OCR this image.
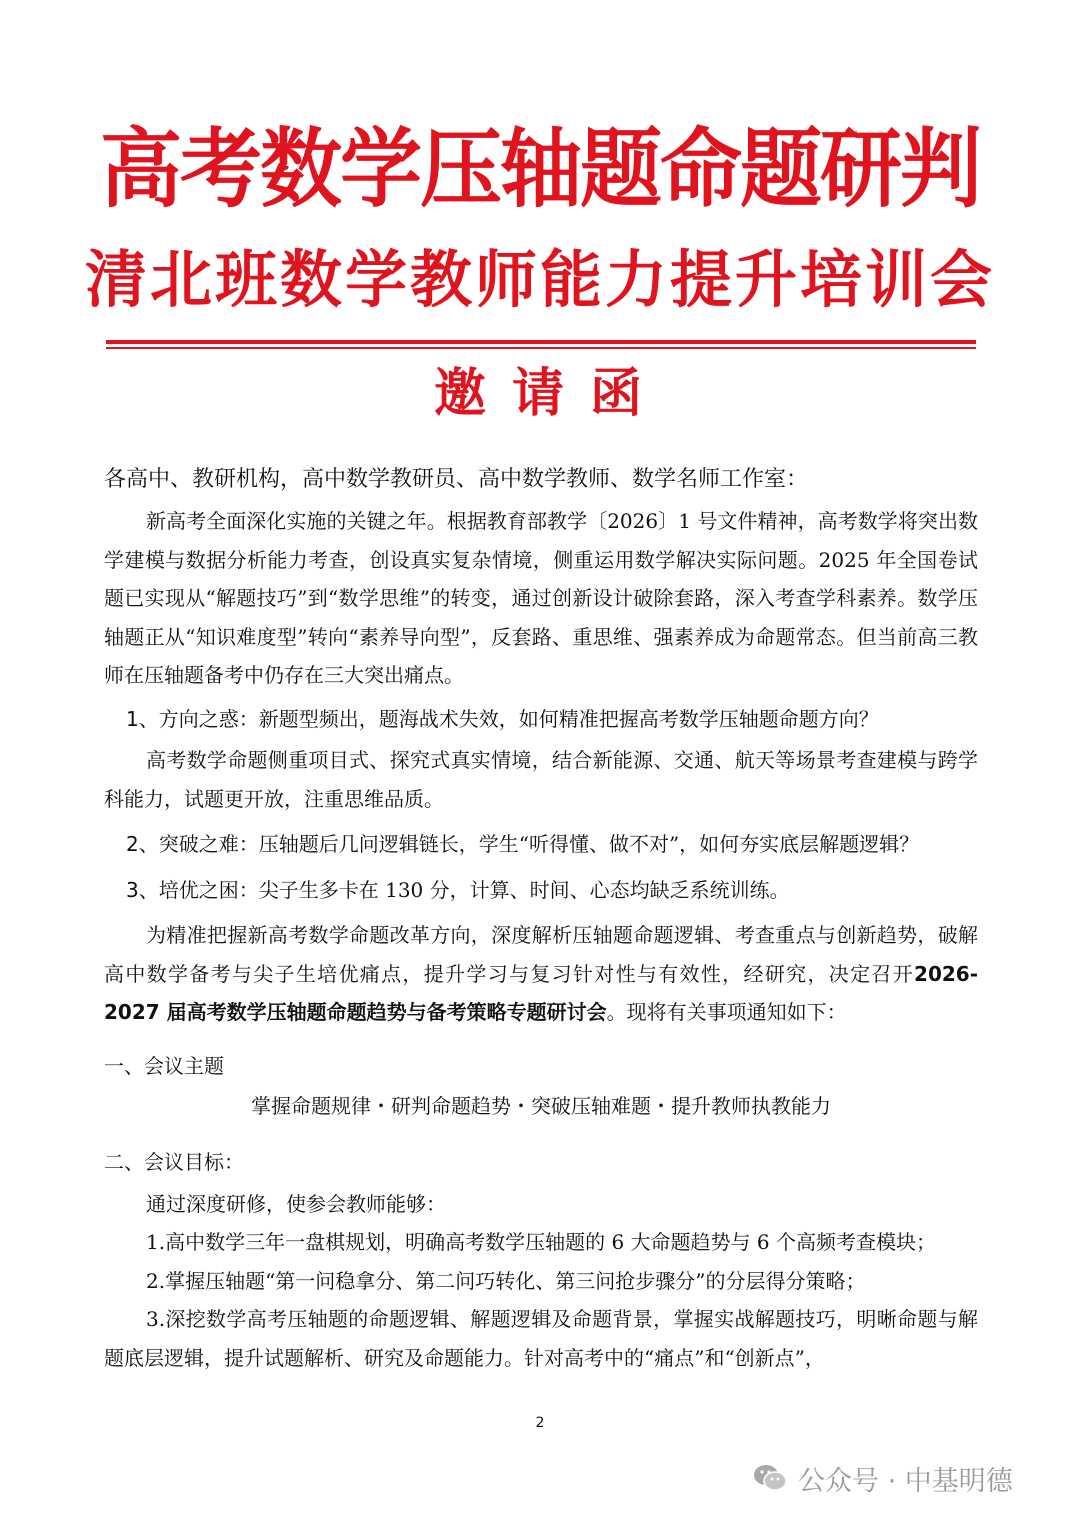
高考数学压轴题命题研判
清北班数学教师能力提升培训会
邀请函

各高中、教研机构，高中数学教研员、高中数学教师、数学名师工作室：

新高考全面深化实施的关键之年。根据教育部教学〔2026〕1 号文件精神，高考数学将突出数学建模与数据分析能力考查，创设真实复杂情境，侧重运用数学解决实际问题。2025 年全国卷试题已实现从“解题技巧”到“数学思维”的转变，通过创新设计破除套路，深入考查学科素养。数学压轴题正从“知识难度型”转向“素养导向型”，反套路、重思维、强素养成为命题常态。但当前高三教师在压轴题备考中仍存在三大突出痛点。

1、方向之惑：新题型频出，题海战术失效，如何精准把握高考数学压轴题命题方向？

高考数学命题侧重项目式、探究式真实情境，结合新能源、交通、航天等场景考查建模与跨学科能力，试题更开放，注重思维品质。

2、突破之难：压轴题后几问逻辑链长，学生“听得懂、做不对”，如何夯实底层解题逻辑？

3、培优之困：尖子生多卡在 130 分，计算、时间、心态均缺乏系统训练。

为精准把握新高考数学命题改革方向，深度解析压轴题命题逻辑、考查重点与创新趋势，破解高中数学备考与尖子生培优痛点，提升学习与复习针对性与有效性，经研究，决定召开2026-2027 届高考数学压轴题命题趋势与备考策略专题研讨会。现将有关事项通知如下：

一、会议主题

掌握命题规律・研判命题趋势・突破压轴难题・提升教师执教能力

二、会议目标：

通过深度研修，使参会教师能够：

1.高中数学三年一盘棋规划，明确高考数学压轴题的 6 大命题趋势与 6 个高频考查模块；

2.掌握压轴题“第一问稳拿分、第二问巧转化、第三问抢步骤分”的分层得分策略；

3.深挖数学高考压轴题的命题逻辑、解题逻辑及命题背景，掌握实战解题技巧，明晰命题与解题底层逻辑，提升试题解析、研究及命题能力。针对高考中的“痛点”和“创新点”，

2
公众号 · 中基明德
